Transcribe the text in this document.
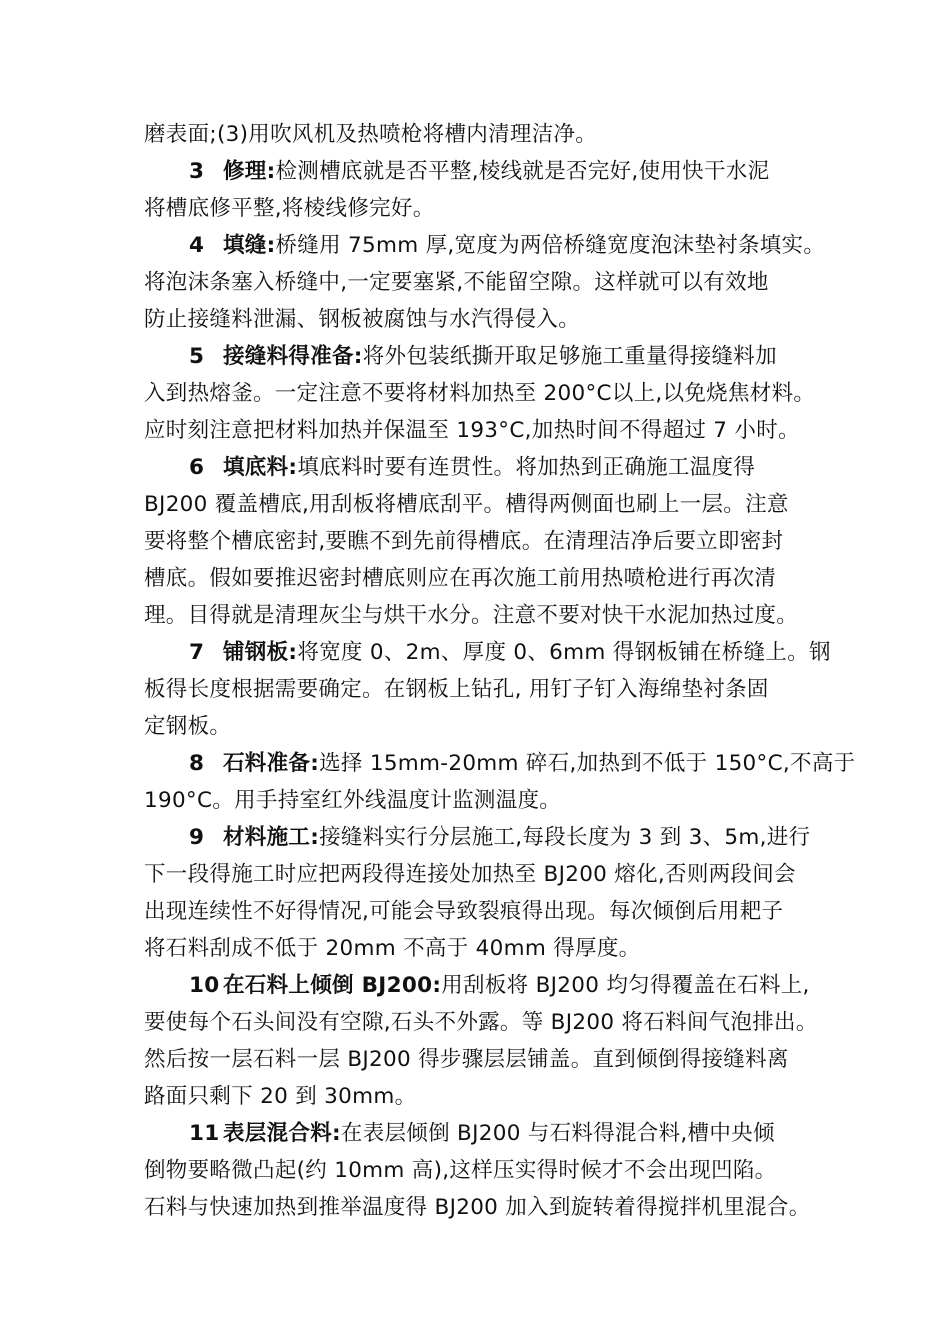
磨表面;(3)用吹风机及热喷枪将槽内清理洁净。
3 修理:检测槽底就是否平整,棱线就是否完好,使用快干水泥
将槽底修平整,将棱线修完好。
4 填缝:桥缝用 75mm 厚,宽度为两倍桥缝宽度泡沫垫衬条填实。
将泡沫条塞入桥缝中,一定要塞紧,不能留空隙。这样就可以有效地
防止接缝料泄漏、钢板被腐蚀与水汽得侵入。
5 接缝料得准备:将外包装纸撕开取足够施工重量得接缝料加
入到热熔釜。一定注意不要将材料加热至 200°C以上,以免烧焦材料。
应时刻注意把材料加热并保温至 193°C,加热时间不得超过 7 小时。
6 填底料:填底料时要有连贯性。将加热到正确施工温度得
BJ200 覆盖槽底,用刮板将槽底刮平。槽得两侧面也刷上一层。注意
要将整个槽底密封,要瞧不到先前得槽底。在清理洁净后要立即密封
槽底。假如要推迟密封槽底则应在再次施工前用热喷枪进行再次清
理。目得就是清理灰尘与烘干水分。注意不要对快干水泥加热过度。
7 铺钢板:将宽度 0、2m、厚度 0、6mm 得钢板铺在桥缝上。钢
板得长度根据需要确定。在钢板上钻孔, 用钉子钉入海绵垫衬条固
定钢板。
8 石料准备:选择 15mm-20mm 碎石,加热到不低于 150°C,不高于
190°C。用手持室红外线温度计监测温度。
9 材料施工:接缝料实行分层施工,每段长度为 3 到 3、5m,进行
下一段得施工时应把两段得连接处加热至 BJ200 熔化,否则两段间会
出现连续性不好得情况,可能会导致裂痕得出现。每次倾倒后用耙子
将石料刮成不低于 20mm 不高于 40mm 得厚度。
10 在石料上倾倒 BJ200:用刮板将 BJ200 均匀得覆盖在石料上,
要使每个石头间没有空隙,石头不外露。等 BJ200 将石料间气泡排出。
然后按一层石料一层 BJ200 得步骤层层铺盖。直到倾倒得接缝料离
路面只剩下 20 到 30mm。
11 表层混合料:在表层倾倒 BJ200 与石料得混合料,槽中央倾
倒物要略微凸起(约 10mm 高),这样压实得时候才不会出现凹陷。
石料与快速加热到推举温度得 BJ200 加入到旋转着得搅拌机里混合。
